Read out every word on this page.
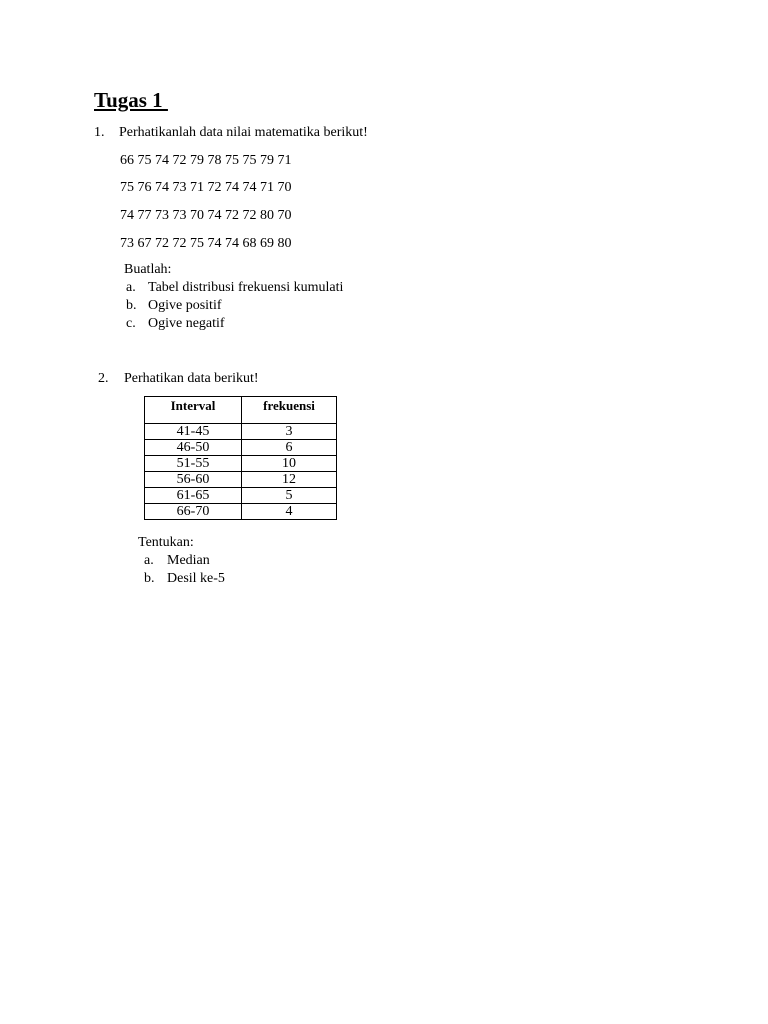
Tugas 1
1. Perhatikanlah data nilai matematika berikut!
66 75 74 72 79 78 75 75 79 71
75 76 74 73 71 72 74 74 71 70
74 77 73 73 70 74 72 72 80 70
73 67 72 72 75 74 74 68 69 80
Buatlah:
a. Tabel distribusi frekuensi kumulati
b. Ogive positif
c. Ogive negatif
2. Perhatikan data berikut!
Interval	frekuensi
41-45	3
46-50	6
51-55	10
56-60	12
61-65	5
66-70	4
Tentukan:
a. Median
b. Desil ke-5
